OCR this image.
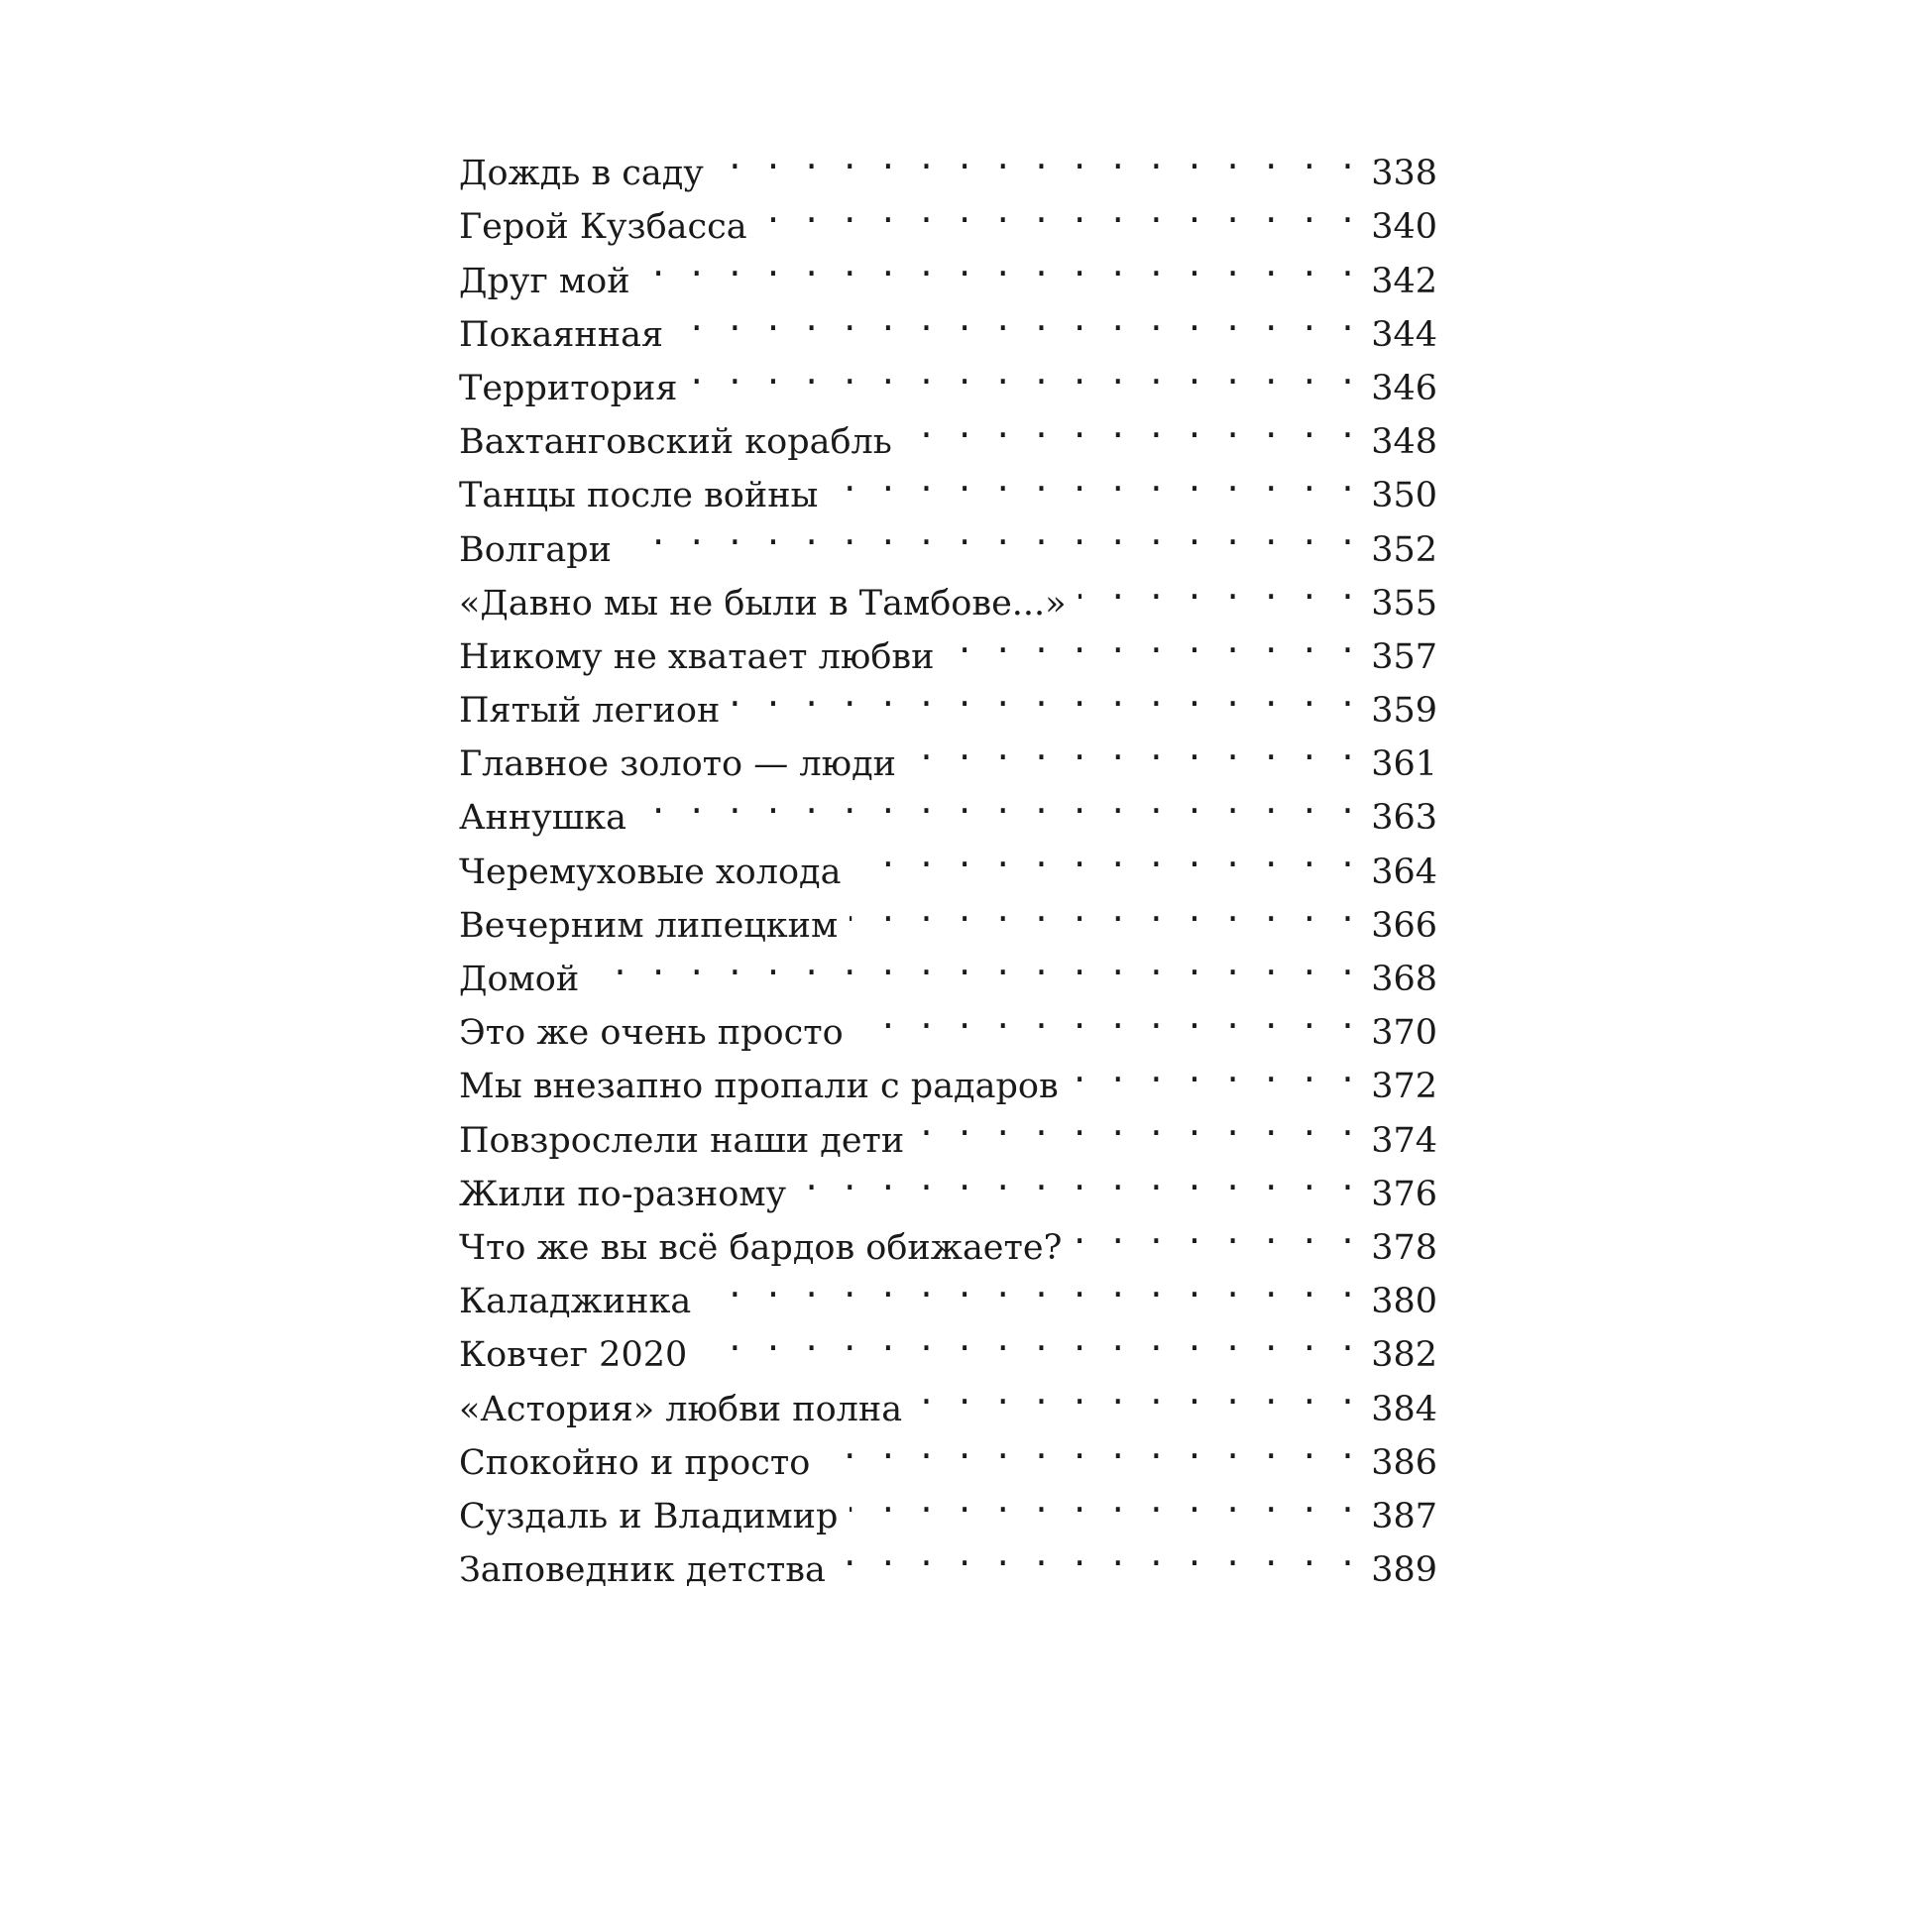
Дождь в саду . . .	338
Герой Кузбасса . . .	340
Друг мой . . .	342
Покаянная . . .	344
Территория . . .	346
Вахтанговский корабль . . .	348
Танцы после войны . . .	350
Волгари . . .	352
«Давно мы не были в Тамбове...» . . .	355
Никому не хватает любви . . .	357
Пятый легион . . .	359
Главное золото — люди . . .	361
Аннушка . . .	363
Черемуховые холода . . .	364
Вечерним липецким . . .	366
Домой . . .	368
Это же очень просто . . .	370
Мы внезапно пропали с радаров . . .	372
Повзрослели наши дети . . .	374
Жили по-разному . . .	376
Что же вы всё бардов обижаете? . . .	378
Каладжинка . . .	380
Ковчег 2020 . . .	382
«Астория» любви полна . . .	384
Спокойно и просто . . .	386
Суздаль и Владимир . . .	387
Заповедник детства . . .	389
